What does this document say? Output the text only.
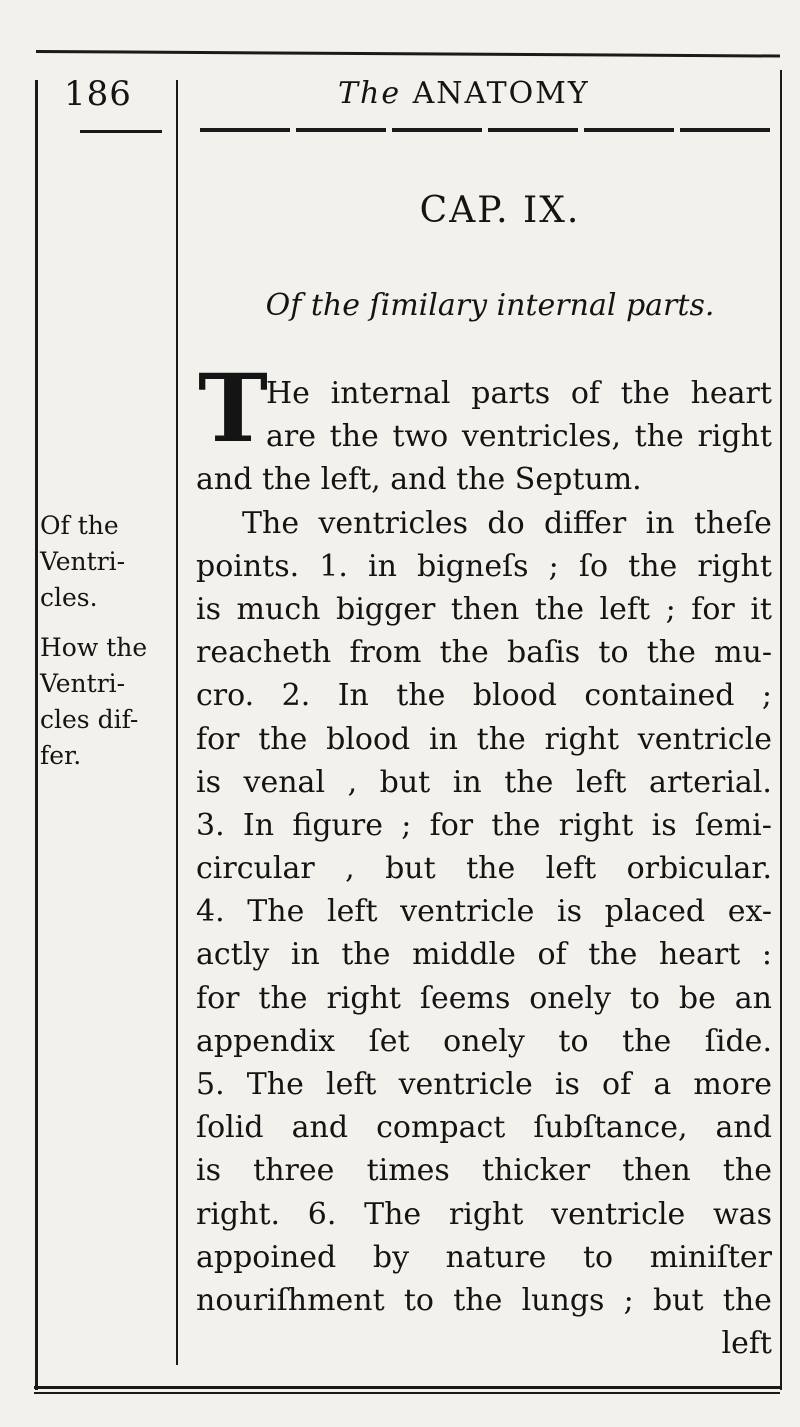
186	The ANATOMY
CAP. IX.
Of the ſimilary internal parts.
T
He internal parts of the heart
are the two ventricles, the right
and the left, and the Septum.
The ventricles do differ in theſe
points. 1. in bigneſs ; ſo the right
is much bigger then the left ; for it
reacheth from the baſis to the mu-
cro. 2. In the blood contained ;
for the blood in the right ventricle
is venal , but in the left arterial.
3. In figure ; for the right is ſemi-
circular , but the left orbicular.
4. The left ventricle is placed ex-
actly in the middle of the heart :
for the right ſeems onely to be an
appendix ſet onely to the ſide.
5. The left ventricle is of a more
ſolid and compact ſubſtance, and
is three times thicker then the
right. 6. The right ventricle was
appoined by nature to miniſter
nouriſhment to the lungs ; but the
left
Of the
Ventri-
cles.
How the
Ventri-
cles dif-
fer.
